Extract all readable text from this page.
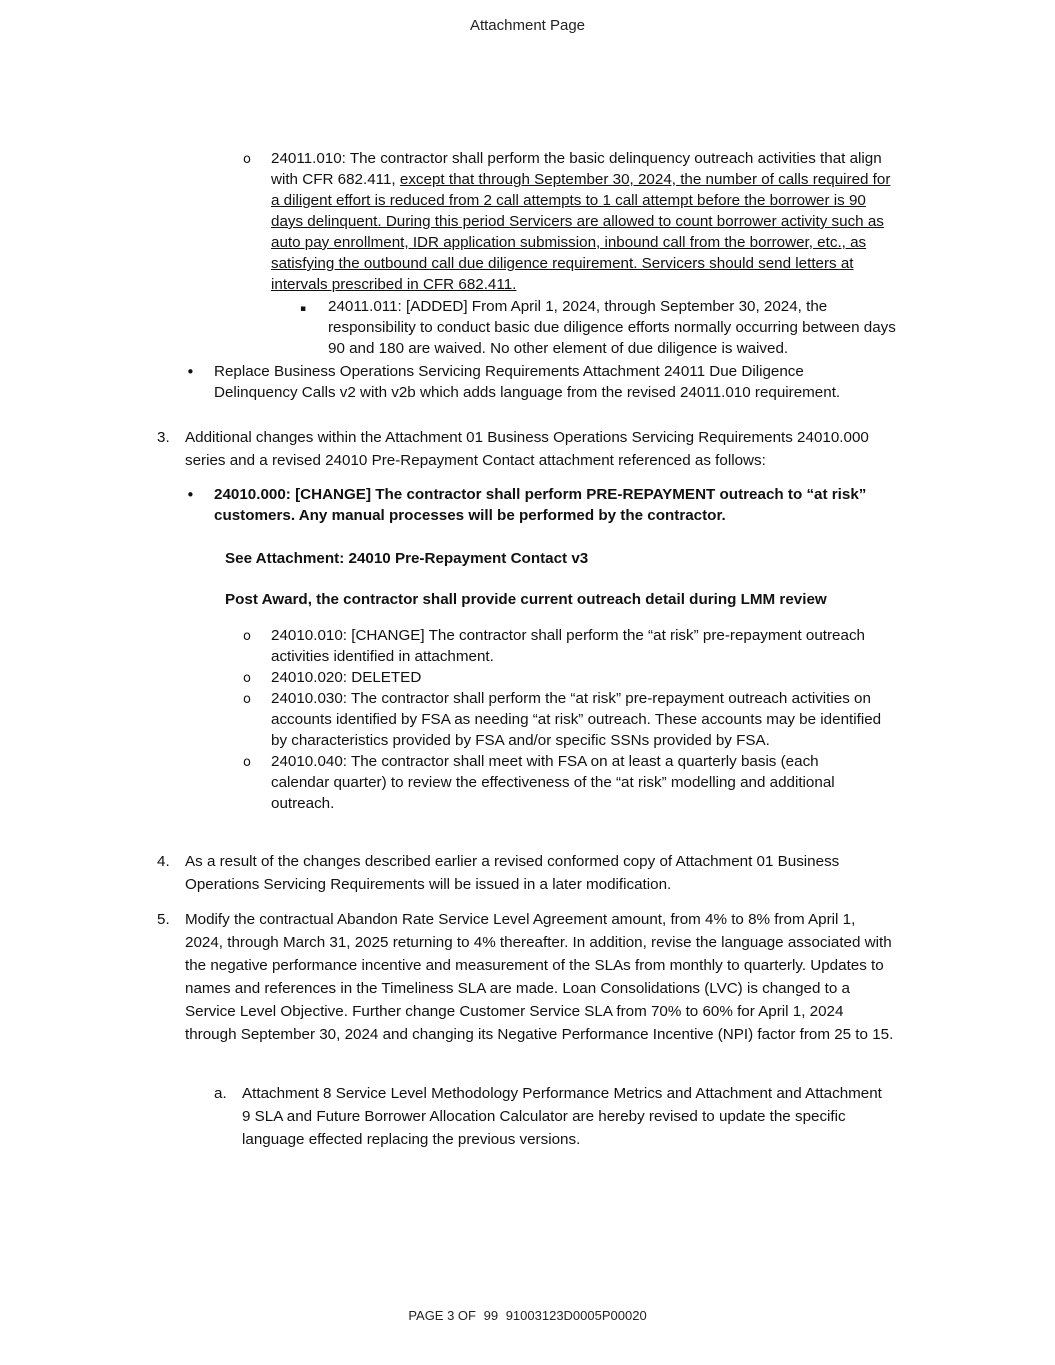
Attachment Page
o 24011.010: The contractor shall perform the basic delinquency outreach activities that align with CFR 682.411, except that through September 30, 2024, the number of calls required for a diligent effort is reduced from 2 call attempts to 1 call attempt before the borrower is 90 days delinquent. During this period Servicers are allowed to count borrower activity such as auto pay enrollment, IDR application submission, inbound call from the borrower, etc., as satisfying the outbound call due diligence requirement. Servicers should send letters at intervals prescribed in CFR 682.411.
▪ 24011.011: [ADDED] From April 1, 2024, through September 30, 2024, the responsibility to conduct basic due diligence efforts normally occurring between days 90 and 180 are waived. No other element of due diligence is waived.
• Replace Business Operations Servicing Requirements Attachment 24011 Due Diligence Delinquency Calls v2 with v2b which adds language from the revised 24011.010 requirement.
3. Additional changes within the Attachment 01 Business Operations Servicing Requirements 24010.000 series and a revised 24010 Pre-Repayment Contact attachment referenced as follows:
• 24010.000: [CHANGE] The contractor shall perform PRE-REPAYMENT outreach to “at risk” customers. Any manual processes will be performed by the contractor.
See Attachment: 24010 Pre-Repayment Contact v3
Post Award, the contractor shall provide current outreach detail during LMM review
o 24010.010: [CHANGE] The contractor shall perform the “at risk” pre-repayment outreach activities identified in attachment.
o 24010.020: DELETED
o 24010.030: The contractor shall perform the “at risk” pre-repayment outreach activities on accounts identified by FSA as needing “at risk” outreach. These accounts may be identified by characteristics provided by FSA and/or specific SSNs provided by FSA.
o 24010.040: The contractor shall meet with FSA on at least a quarterly basis (each calendar quarter) to review the effectiveness of the “at risk” modelling and additional outreach.
4. As a result of the changes described earlier a revised conformed copy of Attachment 01 Business Operations Servicing Requirements will be issued in a later modification.
5. Modify the contractual Abandon Rate Service Level Agreement amount, from 4% to 8% from April 1, 2024, through March 31, 2025 returning to 4% thereafter. In addition, revise the language associated with the negative performance incentive and measurement of the SLAs from monthly to quarterly. Updates to names and references in the Timeliness SLA are made. Loan Consolidations (LVC) is changed to a Service Level Objective. Further change Customer Service SLA from 70% to 60% for April 1, 2024 through September 30, 2024 and changing its Negative Performance Incentive (NPI) factor from 25 to 15.
a. Attachment 8 Service Level Methodology Performance Metrics and Attachment and Attachment 9 SLA and Future Borrower Allocation Calculator are hereby revised to update the specific language effected replacing the previous versions.
PAGE 3 OF 99 91003123D0005P00020
